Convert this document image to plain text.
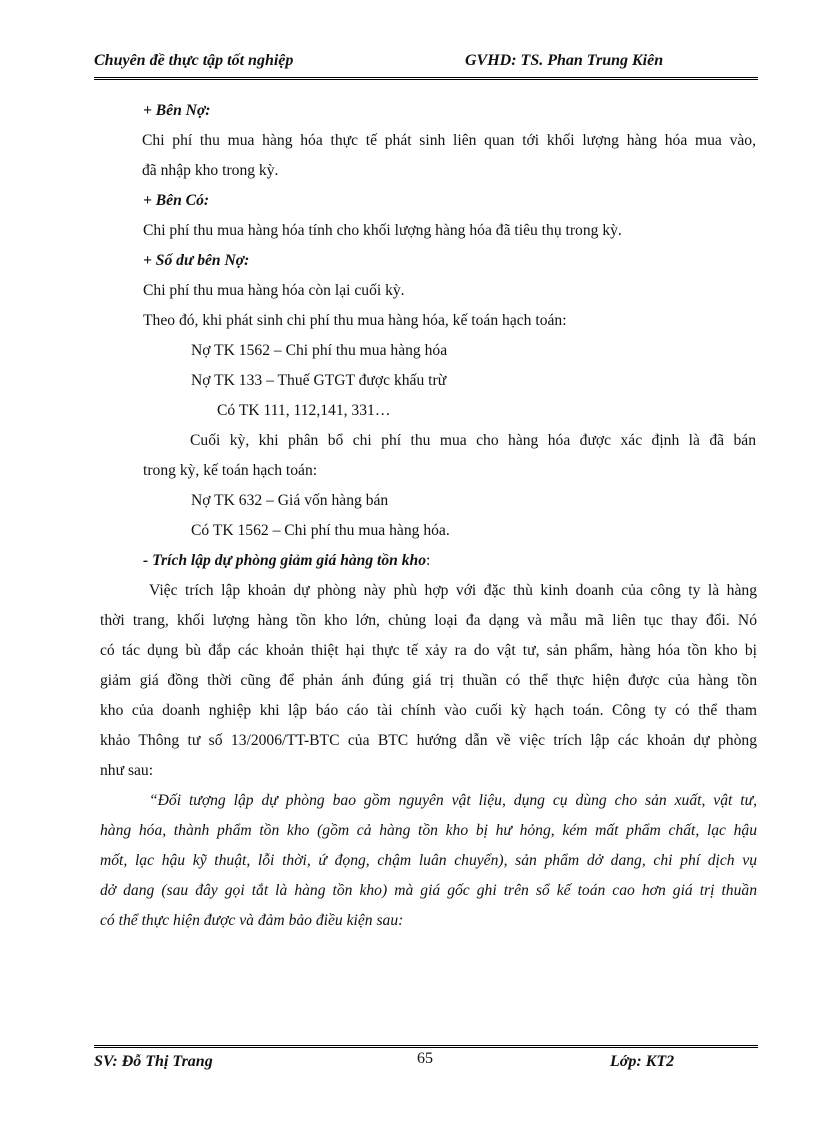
Chuyên đề thực tập tốt nghiệp	GVHD: TS. Phan Trung Kiên
+ Bên Nợ:
Chi phí thu mua hàng hóa thực tế phát sinh liên quan tới khối lượng hàng hóa mua vào,
đã nhập kho trong kỳ.
+ Bên Có:
Chi phí thu mua hàng hóa tính cho khối lượng hàng hóa đã tiêu thụ trong kỳ.
+ Số dư bên Nợ:
Chi phí thu mua hàng hóa còn lại cuối kỳ.
Theo đó, khi phát sinh chi phí thu mua hàng hóa, kế toán hạch toán:
Nợ TK 1562 – Chi phí thu mua hàng hóa
Nợ TK 133 – Thuế GTGT được khấu trừ
Có TK 111, 112,141, 331…
Cuối kỳ, khi phân bổ chi phí thu mua cho hàng hóa được xác định là đã bán
trong kỳ, kế toán hạch toán:
Nợ TK 632 – Giá vốn hàng bán
Có TK 1562 – Chi phí thu mua hàng hóa.
- Trích lập dự phòng giảm giá hàng tồn kho:
Việc trích lập khoản dự phòng này phù hợp với đặc thù kinh doanh của công ty là hàng
thời trang, khối lượng hàng tồn kho lớn, chủng loại đa dạng và mẫu mã liên tục thay đổi. Nó
có tác dụng bù đắp các khoản thiệt hại thực tế xảy ra do vật tư, sản phẩm, hàng hóa tồn kho bị
giảm giá đồng thời cũng để phản ánh đúng giá trị thuần có thể thực hiện được của hàng tồn
kho của doanh nghiệp khi lập báo cáo tài chính vào cuối kỳ hạch toán. Công ty có thể tham
khảo Thông tư số 13/2006/TT-BTC của BTC hướng dẫn về việc trích lập các khoản dự phòng
như sau:
“Đối tượng lập dự phòng bao gồm nguyên vật liệu, dụng cụ dùng cho sản xuất, vật tư,
hàng hóa, thành phẩm tồn kho (gồm cả hàng tồn kho bị hư hỏng, kém mất phẩm chất, lạc hậu
mốt, lạc hậu kỹ thuật, lỗi thời, ứ đọng, chậm luân chuyển), sản phẩm dở dang, chi phí dịch vụ
dở dang (sau đây gọi tắt là hàng tồn kho) mà giá gốc ghi trên sổ kế toán cao hơn giá trị thuần
có thể thực hiện được và đảm bảo điều kiện sau:
SV: Đỗ Thị Trang	65	Lớp: KT2
